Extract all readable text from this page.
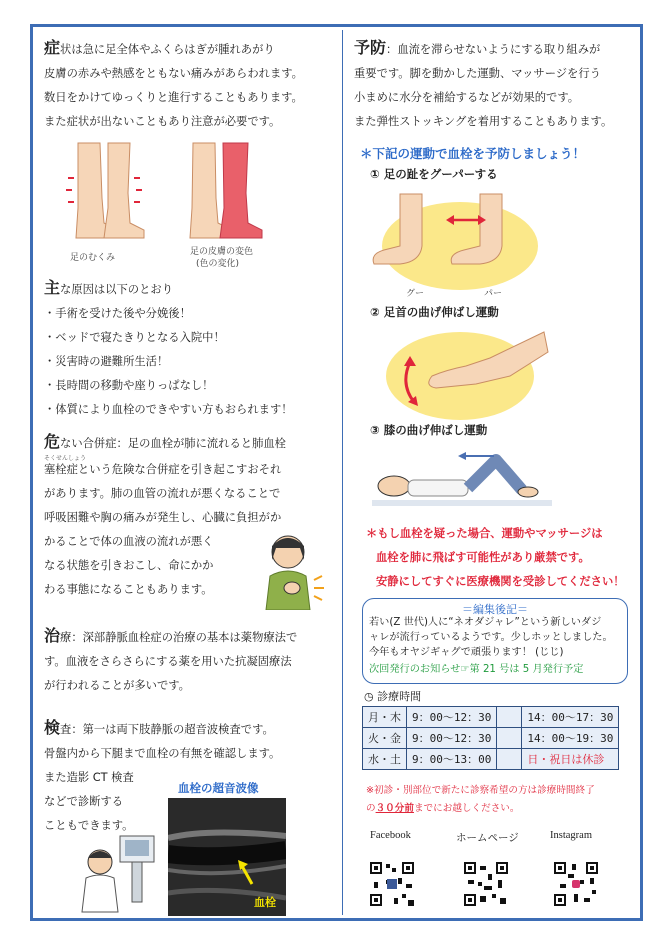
症状は急に足全体やふくらはぎが腫れあがり
皮膚の赤みや熱感をともない痛みがあらわれます。
数日をかけてゆっくりと進行することもあります。
また症状が出ないこともあり注意が必要です。
足のむくみ
足の皮膚の変色
(色の変化)
主な原因は以下のとおり
・手術を受けた後や分娩後！
・ベッドで寝たきりとなる入院中！
・災害時の避難所生活！
・長時間の移動や座りっぱなし！
・体質により血栓のできやすい方もおられます！
危ない合併症：足の血栓が肺に流れると肺血栓
そくせんしょう
塞栓症という危険な合併症を引き起こすおそれ
があります。肺の血管の流れが悪くなることで
呼吸困難や胸の痛みが発生し、心臓に負担がか
かることで体の血液の流れが悪く
なる状態を引きおこし、命にかか
わる事態になることもあります。
治療：深部静脈血栓症の治療の基本は薬物療法で
す。血液をさらさらにする薬を用いた抗凝固療法
が行われることが多いです。
検査：第一は両下肢静脈の超音波検査です。
骨盤内から下腿まで血栓の有無を確認します。
また造影 CT 検査
などで診断する
こともできます。
血栓の超音波像
血栓
予防：血流を滞らせないようにする取り組みが
重要です。脚を動かした運動、マッサージを行う
小まめに水分を補給するなどが効果的です。
また弾性ストッキングを着用することもあります。
＊下記の運動で血栓を予防しましょう！
① 足の趾をグーパーする
グー	パー
② 足首の曲げ伸ばし運動
③ 膝の曲げ伸ばし運動
＊もし血栓を疑った場合、運動やマッサージは
血栓を肺に飛ばす可能性があり厳禁です。
安静にしてすぐに医療機関を受診してください！
＝編集後記＝
若い(Z 世代)人に“ネオダジャレ”という新しいダジ
ャレが流行っているようです。少しホッとしました。
今年もオヤジギャグで頑張ります！ (じじ)
次回発行のお知らせ☞第 21 号は 5 月発行予定
◷ 診療時間
月・木	9：00〜12：30		14：00〜17：30
火・金	9：00〜12：30		14：00〜19：30
水・土	9：00〜13：00		日・祝日は休診
※初診・別部位で新たに診察希望の方は診療時間終了
の３０分前までにお越しください。
Facebook	ホームページ	Instagram
